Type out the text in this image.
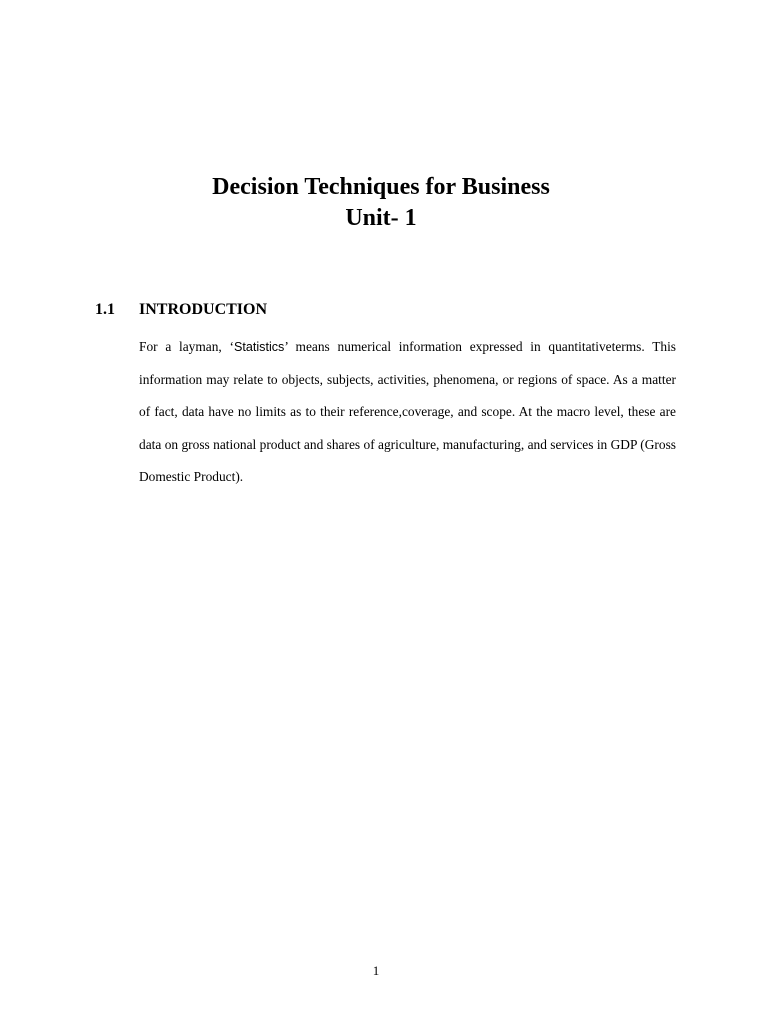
Decision Techniques for Business
Unit- 1
1.1 INTRODUCTION

For a layman, ‘Statistics’ means numerical information expressed in quantitativeterms. This information may relate to objects, subjects, activities, phenomena, or regions of space. As a matter of fact, data have no limits as to their reference,coverage, and scope. At the macro level, these are data on gross national product and shares of agriculture, manufacturing, and services in GDP (Gross Domestic Product).

1
